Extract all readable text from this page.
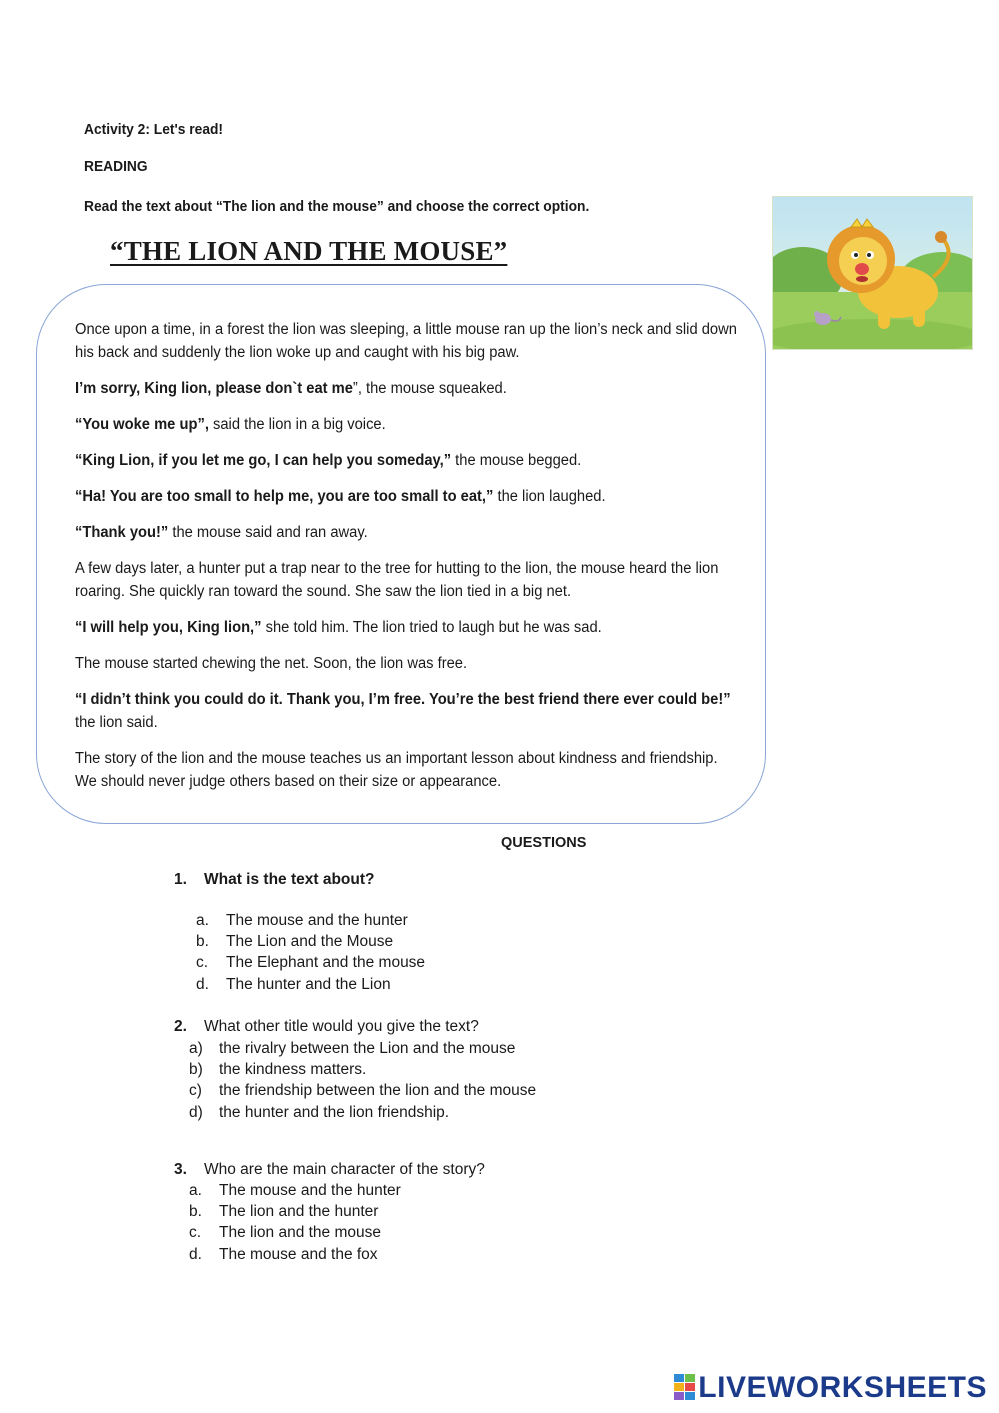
Activity 2: Let's read!
READING
Read the text about “The lion and the mouse” and choose the correct option.
“THE LION AND THE MOUSE”

Once upon a time, in a forest the lion was sleeping, a little mouse ran up the lion’s neck and slid down his back and suddenly the lion woke up and caught with his big paw.

I’m sorry, King lion, please don`t eat me”, the mouse squeaked.

“You woke me up”, said the lion in a big voice.

“King Lion, if you let me go, I can help you someday,” the mouse begged.

“Ha! You are too small to help me, you are too small to eat,” the lion laughed.

“Thank you!” the mouse said and ran away.

A few days later, a hunter put a trap near to the tree for hutting to the lion, the mouse heard the lion roaring. She quickly ran toward the sound. She saw the lion tied in a big net.

“I will help you, King lion,” she told him. The lion tried to laugh but he was sad.

The mouse started chewing the net. Soon, the lion was free.

“I didn’t think you could do it. Thank you, I’m free. You’re the best friend there ever could be!” the lion said.

The story of the lion and the mouse teaches us an important lesson about kindness and friendship. We should never judge others based on their size or appearance.

QUESTIONS
1. What is the text about?
a. The mouse and the hunter
b. The Lion and the Mouse
c. The Elephant and the mouse
d. The hunter and the Lion
2. What other title would you give the text?
a) the rivalry between the Lion and the mouse
b) the kindness matters.
c) the friendship between the lion and the mouse
d) the hunter and the lion friendship.
3. Who are the main character of the story?
a. The mouse and the hunter
b. The lion and the hunter
c. The lion and the mouse
d. The mouse and the fox
LIVEWORKSHEETS
